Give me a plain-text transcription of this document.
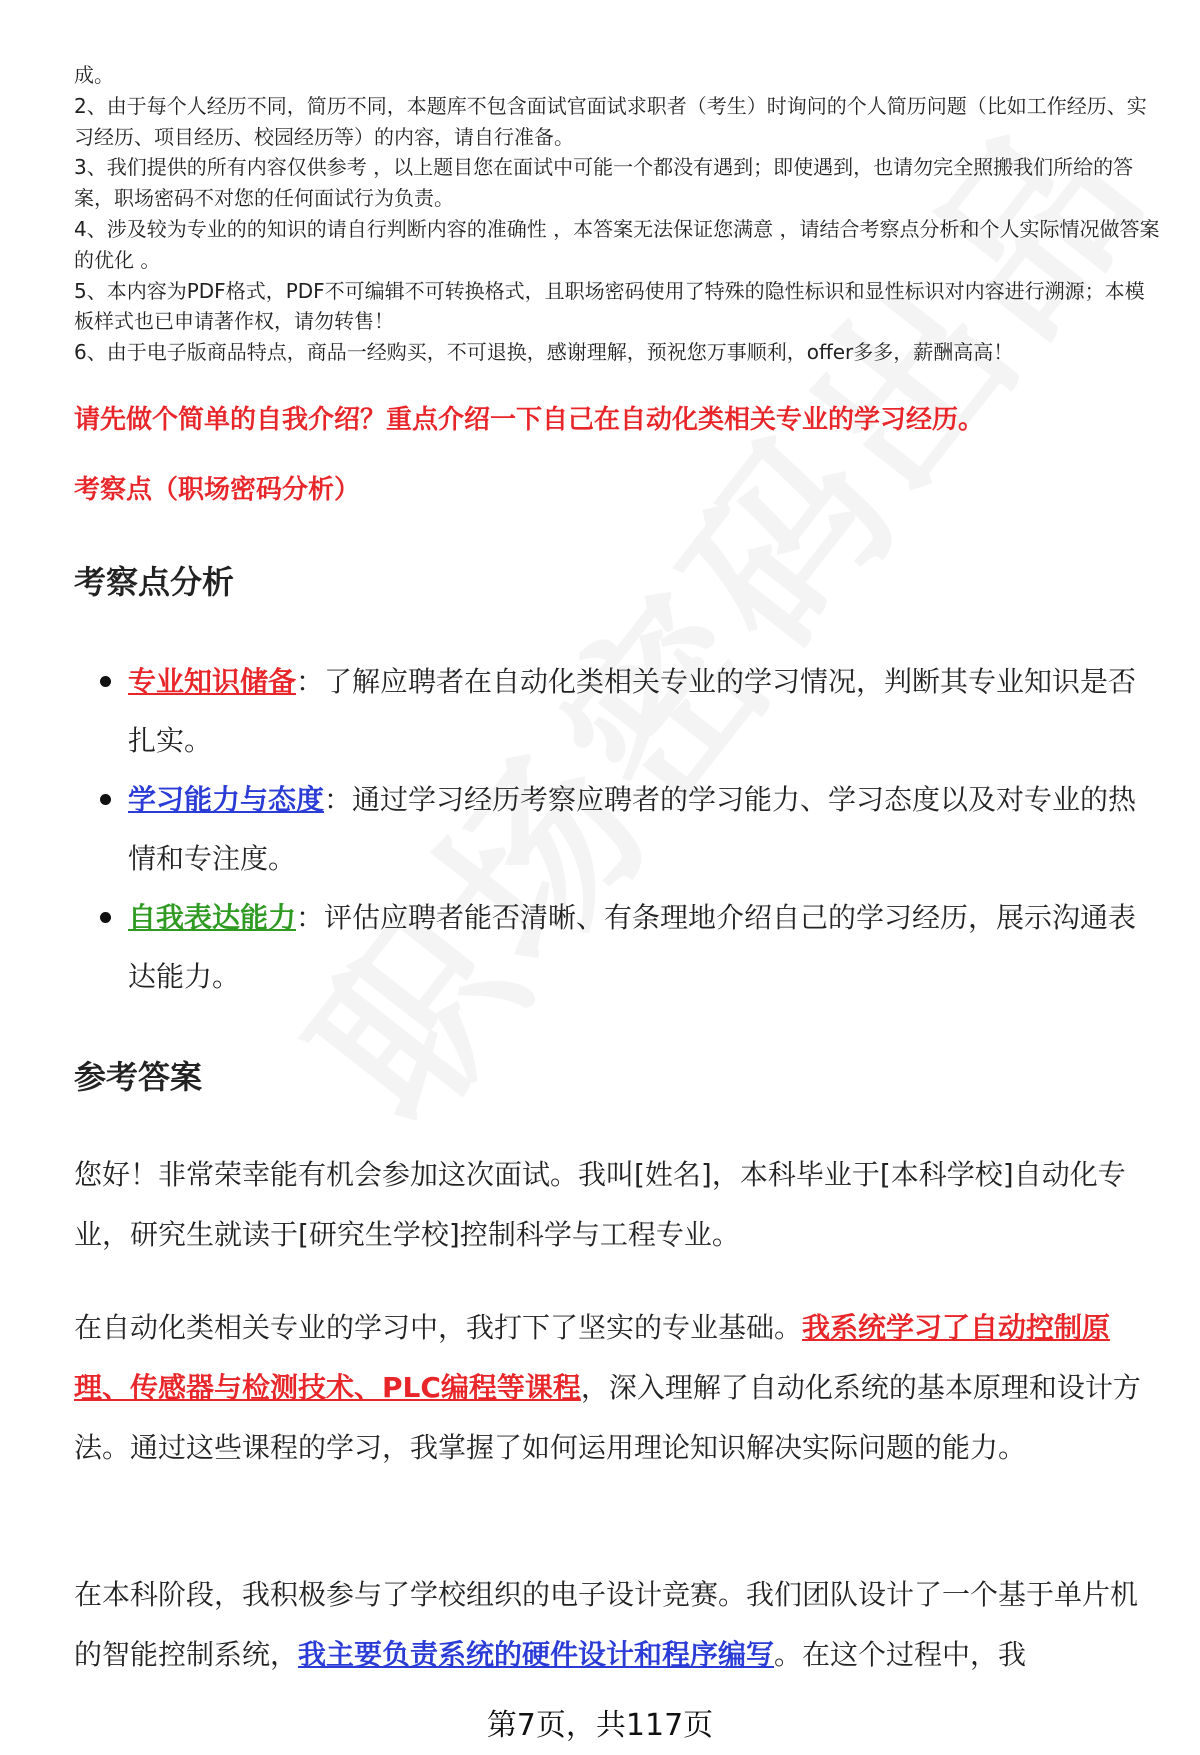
成。

2、由于每个人经历不同，简历不同，本题库不包含面试官面试求职者（考生）时询问的个人简历问题（比如工作经历、实习经历、项目经历、校园经历等）的内容，请自行准备。

3、我们提供的所有内容仅供参考 ，以上题目您在面试中可能一个都没有遇到；即使遇到，也请勿完全照搬我们所给的答案，职场密码不对您的任何面试行为负责。

4、涉及较为专业的的知识的请自行判断内容的准确性 ，本答案无法保证您满意 ，请结合考察点分析和个人实际情况做答案的优化 。

5、本内容为PDF格式，PDF不可编辑不可转换格式，且职场密码使用了特殊的隐性标识和显性标识对内容进行溯源；本模板样式也已申请著作权，请勿转售！

6、由于电子版商品特点，商品一经购买，不可退换，感谢理解，预祝您万事顺利，offer多多，薪酬高高！

请先做个简单的自我介绍？重点介绍一下自己在自动化类相关专业的学习经历。

考察点（职场密码分析）

考察点分析

专业知识储备：了解应聘者在自动化类相关专业的学习情况，判断其专业知识是否扎实。
学习能力与态度：通过学习经历考察应聘者的学习能力、学习态度以及对专业的热情和专注度。
自我表达能力：评估应聘者能否清晰、有条理地介绍自己的学习经历，展示沟通表达能力。

参考答案

您好！非常荣幸能有机会参加这次面试。我叫[姓名]，本科毕业于[本科学校]自动化专业，研究生就读于[研究生学校]控制科学与工程专业。

在自动化类相关专业的学习中，我打下了坚实的专业基础。我系统学习了自动控制原理、传感器与检测技术、PLC编程等课程，深入理解了自动化系统的基本原理和设计方法。通过这些课程的学习，我掌握了如何运用理论知识解决实际问题的能力。

在本科阶段，我积极参与了学校组织的电子设计竞赛。我们团队设计了一个基于单片机的智能控制系统，我主要负责系统的硬件设计和程序编写。在这个过程中，我

第7页，共117页
